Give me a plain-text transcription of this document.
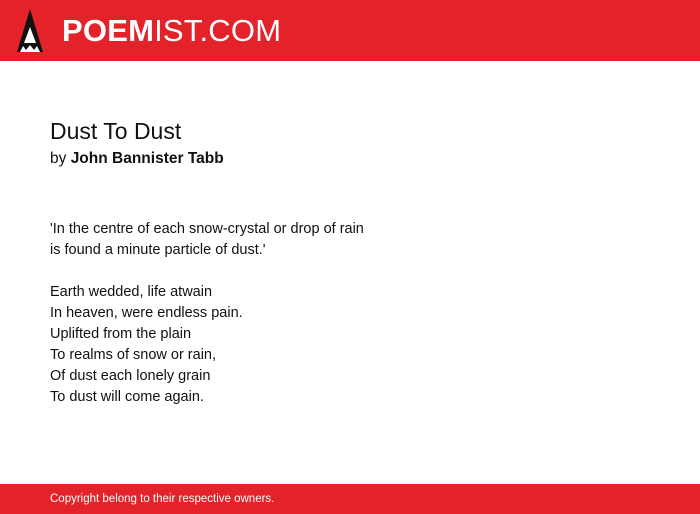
POEMIST.COM
Dust To Dust
by John Bannister Tabb
'In the centre of each snow-crystal or drop of rain
is found a minute particle of dust.'
Earth wedded, life atwain
In heaven, were endless pain.
Uplifted from the plain
To realms of snow or rain,
Of dust each lonely grain
To dust will come again.
Copyright belong to their respective owners.
